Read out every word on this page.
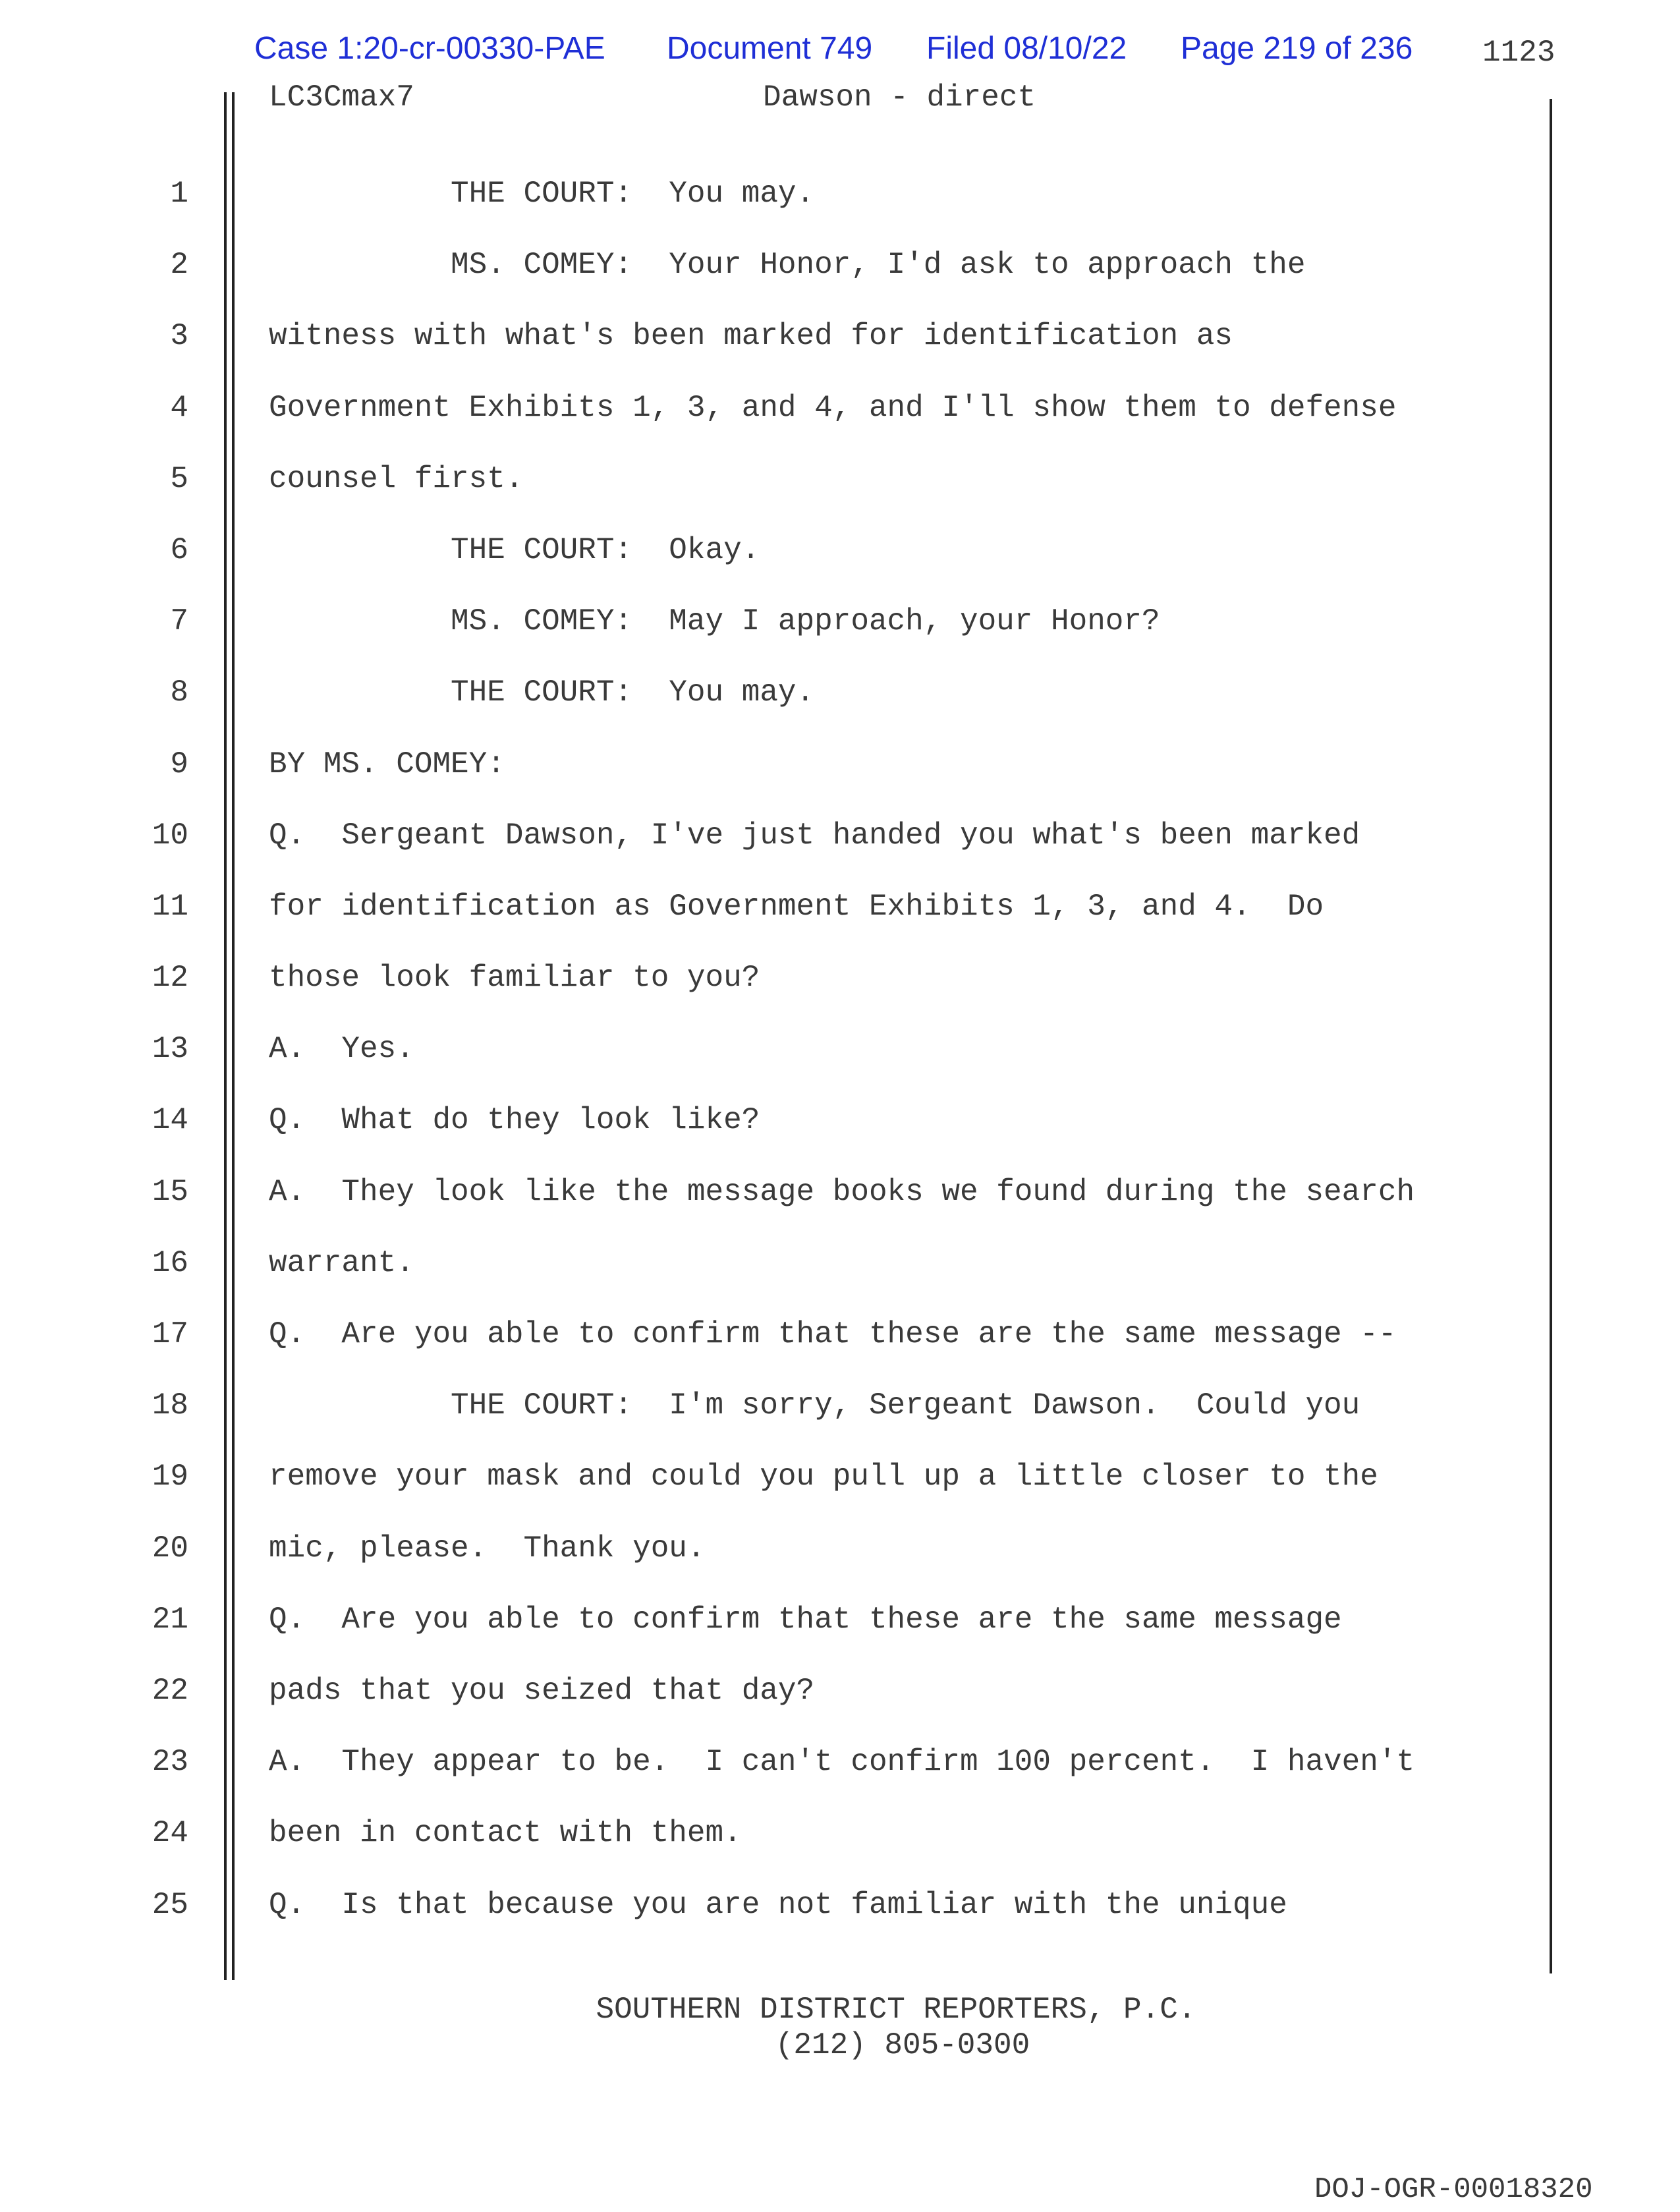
Case 1:20-cr-00330-PAE Document 749 Filed 08/10/22 Page 219 of 236 1123
LC3Cmax7	Dawson - direct
1	THE COURT:  You may.
2	MS. COMEY:  Your Honor, I'd ask to approach the
3	witness with what's been marked for identification as
4	Government Exhibits 1, 3, and 4, and I'll show them to defense
5	counsel first.
6	THE COURT:  Okay.
7	MS. COMEY:  May I approach, your Honor?
8	THE COURT:  You may.
9	BY MS. COMEY:
10	Q.  Sergeant Dawson, I've just handed you what's been marked
11	for identification as Government Exhibits 1, 3, and 4.  Do
12	those look familiar to you?
13	A.  Yes.
14	Q.  What do they look like?
15	A.  They look like the message books we found during the search
16	warrant.
17	Q.  Are you able to confirm that these are the same message --
18	THE COURT:  I'm sorry, Sergeant Dawson.  Could you
19	remove your mask and could you pull up a little closer to the
20	mic, please.  Thank you.
21	Q.  Are you able to confirm that these are the same message
22	pads that you seized that day?
23	A.  They appear to be.  I can't confirm 100 percent.  I haven't
24	been in contact with them.
25	Q.  Is that because you are not familiar with the unique
SOUTHERN DISTRICT REPORTERS, P.C.
(212) 805-0300
DOJ-OGR-00018320
